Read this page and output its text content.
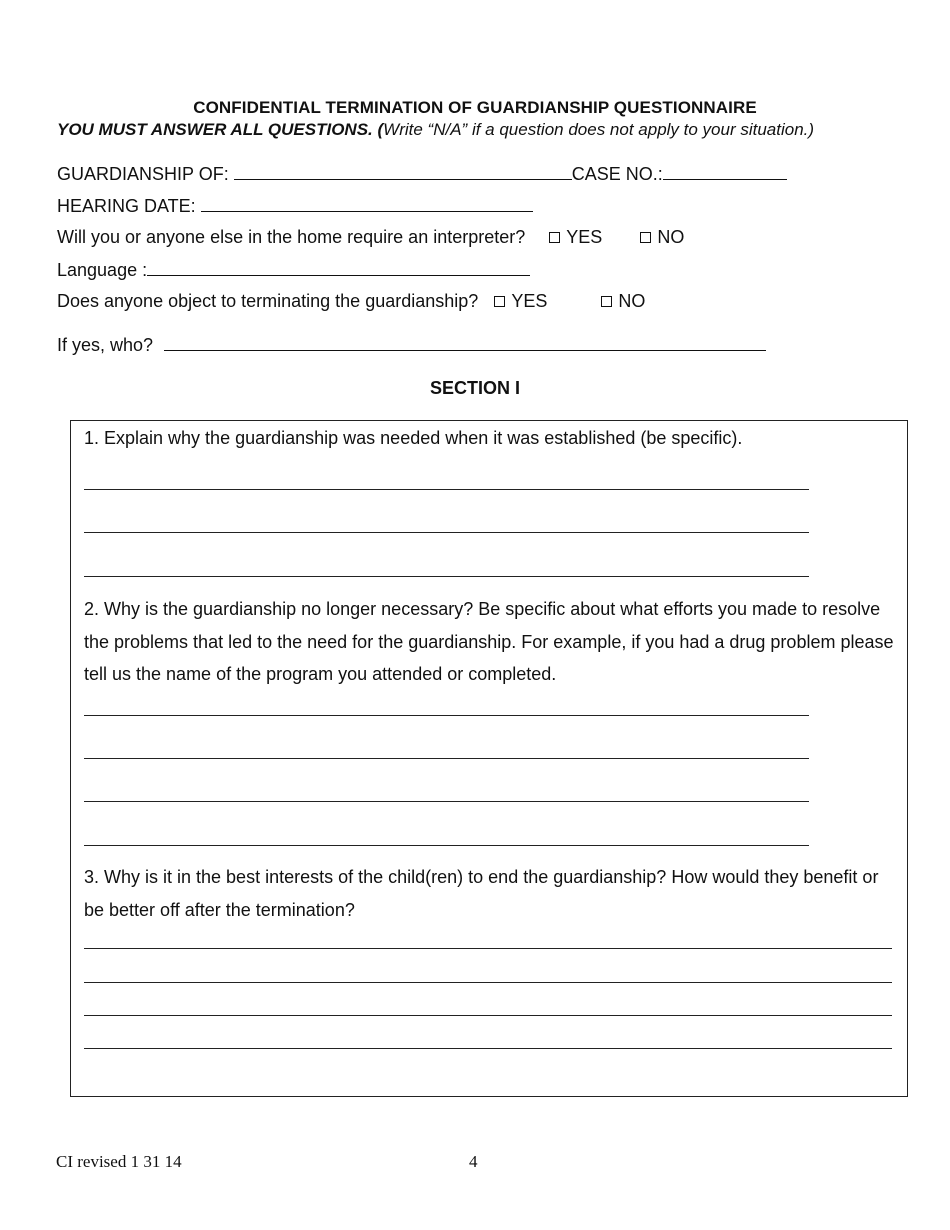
CONFIDENTIAL TERMINATION OF GUARDIANSHIP QUESTIONNAIRE
YOU MUST ANSWER ALL QUESTIONS. (Write “N/A” if a question does not apply to your situation.)
GUARDIANSHIP OF:	CASE NO.:
HEARING DATE:
Will you or anyone else in the home require an interpreter? YES	NO
Language :
Does anyone object to terminating the guardianship? YES	NO
If yes, who?
SECTION I
1. Explain why the guardianship was needed when it was established (be specific).
2. Why is the guardianship no longer necessary? Be specific about what efforts you made to resolve the problems that led to the need for the guardianship. For example, if you had a drug problem please tell us the name of the program you attended or completed.
3. Why is it in the best interests of the child(ren) to end the guardianship? How would they benefit or be better off after the termination?
CI revised 1 31 14	4
